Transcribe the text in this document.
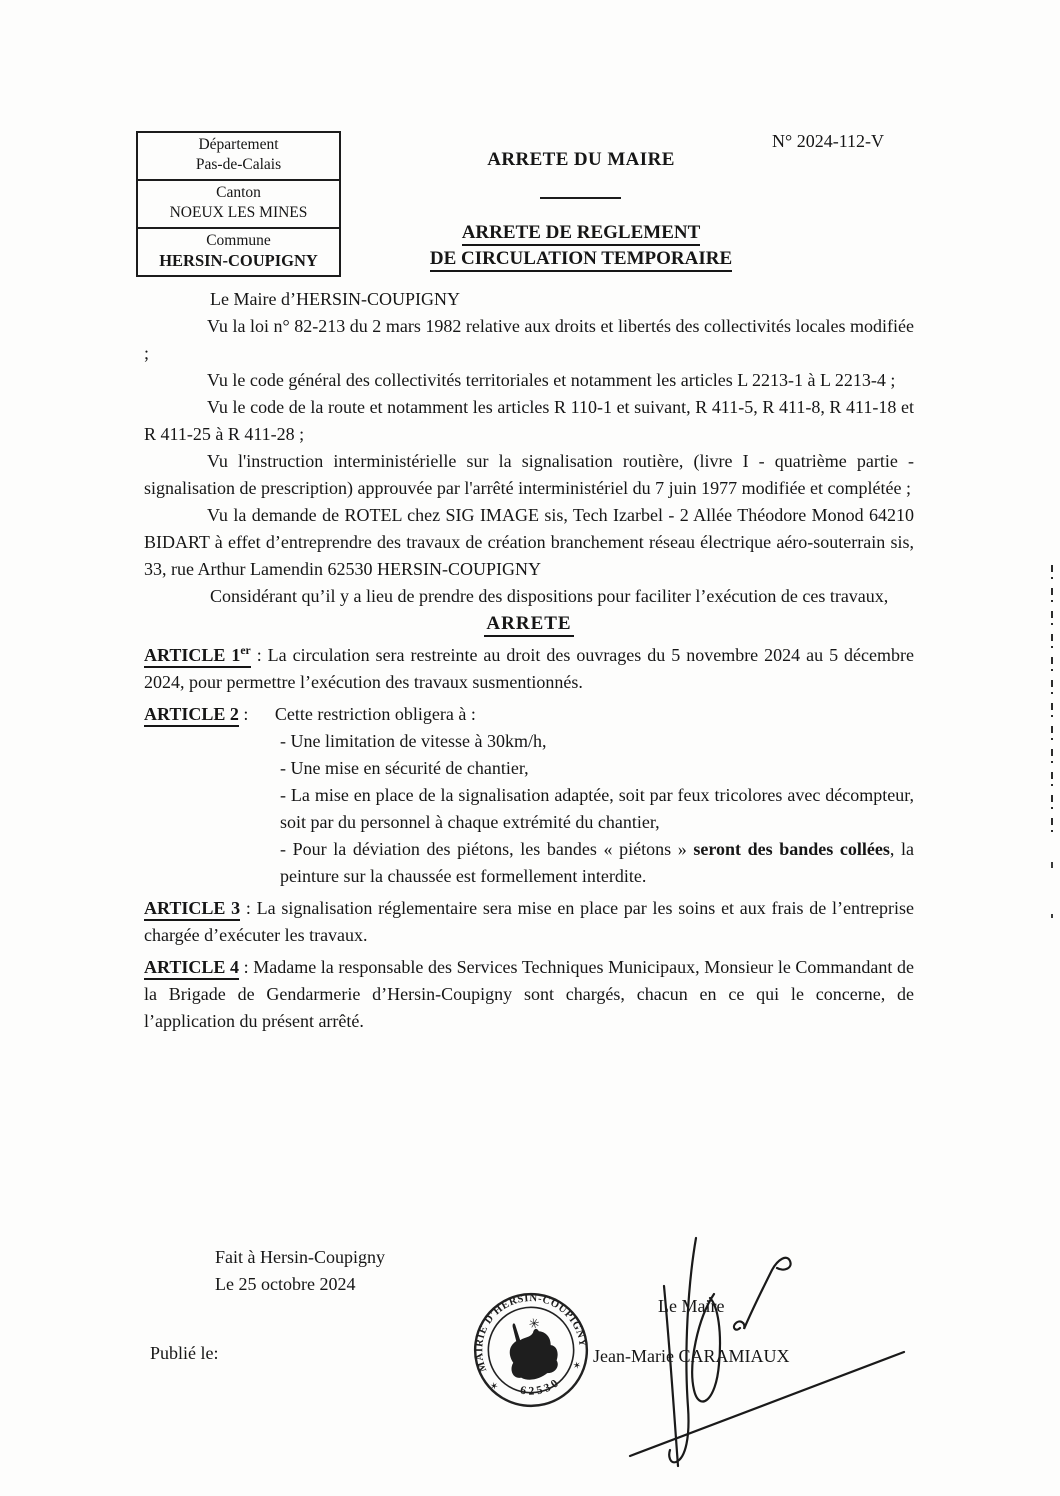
Département
Pas-de-Calais
Canton
NOEUX LES MINES
Commune
HERSIN-COUPIGNY
N° 2024-112-V
ARRETE DU MAIRE
ARRETE DE REGLEMENT
DE CIRCULATION TEMPORAIRE

Le Maire d’HERSIN-COUPIGNY

Vu la loi n° 82-213 du 2 mars 1982 relative aux droits et libertés des collectivités locales modifiée ;

Vu le code général des collectivités territoriales et notamment les articles L 2213-1 à L 2213-4 ;

Vu le code de la route et notamment les articles R 110-1 et suivant, R 411-5, R 411-8, R 411-18 et R 411-25 à R 411-28 ;

Vu l'instruction interministérielle sur la signalisation routière, (livre I - quatrième partie - signalisation de prescription) approuvée par l'arrêté interministériel du 7 juin 1977 modifiée et complétée ;

Vu la demande de ROTEL chez SIG IMAGE sis, Tech Izarbel - 2 Allée Théodore Monod 64210 BIDART à effet d’entreprendre des travaux de création branchement réseau électrique aéro-souterrain sis, 33, rue Arthur Lamendin 62530 HERSIN-COUPIGNY

Considérant qu’il y a lieu de prendre des dispositions pour faciliter l’exécution de ces travaux,

ARRETE

ARTICLE 1er : La circulation sera restreinte au droit des ouvrages du 5 novembre 2024 au 5 décembre 2024, pour permettre l’exécution des travaux susmentionnés.

ARTICLE 2 : Cette restriction obligera à :

- Une limitation de vitesse à 30km/h,

- Une mise en sécurité de chantier,

- La mise en place de la signalisation adaptée, soit par feux tricolores avec décompteur, soit par du personnel à chaque extrémité du chantier,

- Pour la déviation des piétons, les bandes « piétons » seront des bandes collées, la peinture sur la chaussée est formellement interdite.

ARTICLE 3 : La signalisation réglementaire sera mise en place par les soins et aux frais de l’entreprise chargée d’exécuter les travaux.

ARTICLE 4 : Madame la responsable des Services Techniques Municipaux, Monsieur le Commandant de la Brigade de Gendarmerie d’Hersin-Coupigny sont chargés, chacun en ce qui le concerne, de l’application du présent arrêté.

Fait à Hersin-Coupigny
Le 25 octobre 2024
Publié le:
Le Maire
Jean-Marie CARAMIAUX
MAIRIE D'HERSIN-COUPIGNY
62530
✶
✶
✳
